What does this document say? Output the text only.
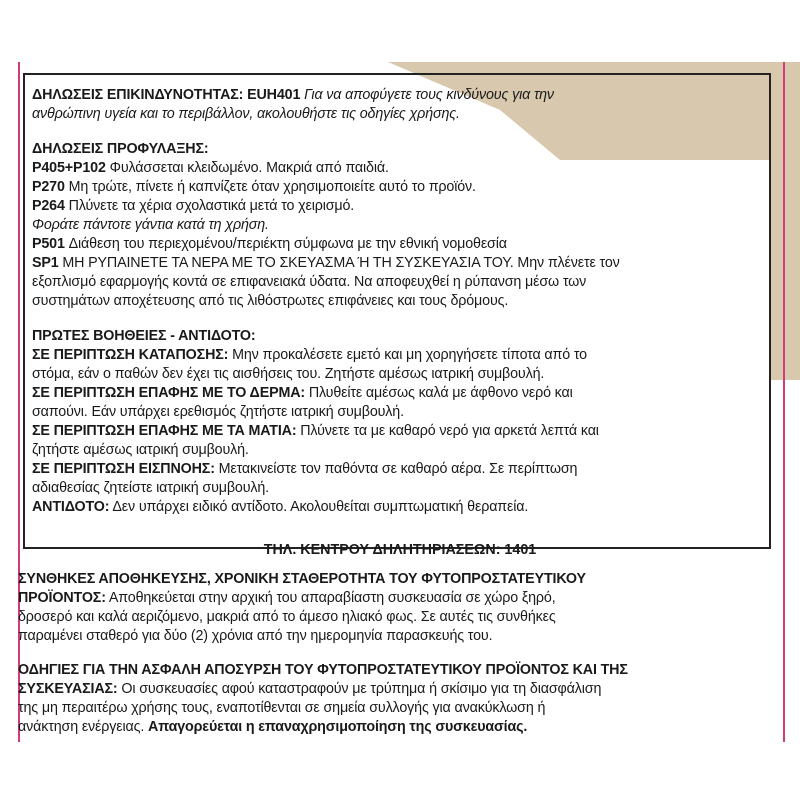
ΔΗΛΩΣΕΙΣ ΕΠΙΚΙΝΔΥΝΟΤΗΤΑΣ: EUH401 Για να αποφύγετε τους κινδύνους για την

ανθρώπινη υγεία και το περιβάλλον, ακολουθήστε τις οδηγίες χρήσης.

ΔΗΛΩΣΕΙΣ ΠΡΟΦΥΛΑΞΗΣ:

P405+P102 Φυλάσσεται κλειδωμένο. Μακριά από παιδιά.

P270 Μη τρώτε, πίνετε ή καπνίζετε όταν χρησιμοποιείτε αυτό το προϊόν.

P264 Πλύνετε τα χέρια σχολαστικά μετά το χειρισμό.

Φοράτε πάντοτε γάντια κατά τη χρήση.

P501 Διάθεση του περιεχομένου/περιέκτη σύμφωνα με την εθνική νομοθεσία

SP1 ΜΗ ΡΥΠΑΙΝΕΤΕ ΤΑ ΝΕΡΑ ΜΕ ΤΟ ΣΚΕΥΑΣΜΑ Ή ΤΗ ΣΥΣΚΕΥΑΣΙΑ ΤΟΥ. Μην πλένετε τον

εξοπλισμό εφαρμογής κοντά σε επιφανειακά ύδατα. Να αποφευχθεί η ρύπανση μέσω των

συστημάτων αποχέτευσης από τις λιθόστρωτες επιφάνειες και τους δρόμους.

ΠΡΩΤΕΣ ΒΟΗΘΕΙΕΣ - ΑΝΤΙΔΟΤΟ:

ΣΕ ΠΕΡΙΠΤΩΣΗ ΚΑΤΑΠΟΣΗΣ: Μην προκαλέσετε εμετό και μη χορηγήσετε τίποτα από το

στόμα, εάν ο παθών δεν έχει τις αισθήσεις του. Ζητήστε αμέσως ιατρική συμβουλή.

ΣΕ ΠΕΡΙΠΤΩΣΗ ΕΠΑΦΗΣ ΜΕ ΤΟ ΔΕΡΜΑ: Πλυθείτε αμέσως καλά με άφθονο νερό και

σαπούνι. Εάν υπάρχει ερεθισμός ζητήστε ιατρική συμβουλή.

ΣΕ ΠΕΡΙΠΤΩΣΗ ΕΠΑΦΗΣ ΜΕ ΤΑ ΜΑΤΙΑ: Πλύνετε τα με καθαρό νερό για αρκετά λεπτά και

ζητήστε αμέσως ιατρική συμβουλή.

ΣΕ ΠΕΡΙΠΤΩΣΗ ΕΙΣΠΝΟΗΣ: Μετακινείστε τον παθόντα σε καθαρό αέρα. Σε περίπτωση

αδιαθεσίας ζητείστε ιατρική συμβουλή.

ΑΝΤΙΔΟΤΟ: Δεν υπάρχει ειδικό αντίδοτο. Ακολουθείται συμπτωματική θεραπεία.

ΤΗΛ. ΚΕΝΤΡΟΥ ΔΗΛΗΤΗΡΙΑΣΕΩΝ: 1401

ΣΥΝΘΗΚΕΣ ΑΠΟΘΗΚΕΥΣΗΣ, ΧΡΟΝΙΚΗ ΣΤΑΘΕΡΟΤΗΤΑ ΤΟΥ ΦΥΤΟΠΡΟΣΤΑΤΕΥΤΙΚΟΥ

ΠΡΟΪΟΝΤΟΣ: Αποθηκεύεται στην αρχική του απαραβίαστη συσκευασία σε χώρο ξηρό,

δροσερό και καλά αεριζόμενο, μακριά από το άμεσο ηλιακό φως. Σε αυτές τις συνθήκες

παραμένει σταθερό για δύο (2) χρόνια από την ημερομηνία παρασκευής του.

ΟΔΗΓΙΕΣ ΓΙΑ ΤΗΝ ΑΣΦΑΛΗ ΑΠΟΣΥΡΣΗ ΤΟΥ ΦΥΤΟΠΡΟΣΤΑΤΕΥΤΙΚΟΥ ΠΡΟΪΟΝΤΟΣ ΚΑΙ ΤΗΣ

ΣΥΣΚΕΥΑΣΙΑΣ: Οι συσκευασίες αφού καταστραφούν με τρύπημα ή σκίσιμο για τη διασφάλιση

της μη περαιτέρω χρήσης τους, εναποτίθενται σε σημεία συλλογής για ανακύκλωση ή

ανάκτηση ενέργειας. Απαγορεύεται η επαναχρησιμοποίηση της συσκευασίας.
